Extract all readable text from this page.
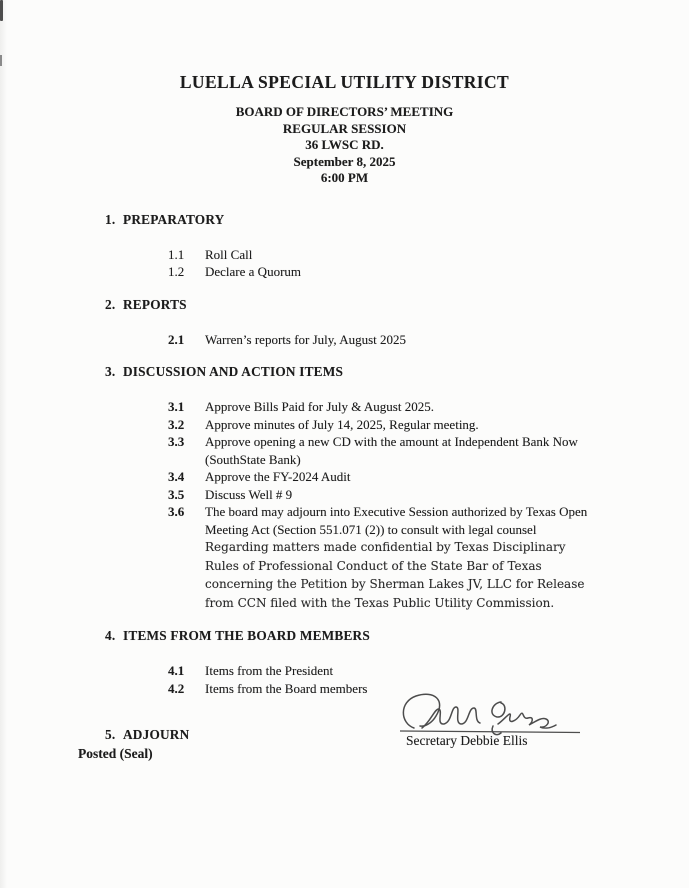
LUELLA SPECIAL UTILITY DISTRICT
BOARD OF DIRECTORS’ MEETING
REGULAR SESSION
36 LWSC RD.
September 8, 2025
6:00 PM
1. PREPARATORY
1.1	Roll Call
1.2	Declare a Quorum
2. REPORTS
2.1	Warren’s reports for July, August 2025
3. DISCUSSION AND ACTION ITEMS
3.1	Approve Bills Paid for July & August 2025.
3.2	Approve minutes of July 14, 2025, Regular meeting.
3.3	Approve opening a new CD with the amount at Independent Bank Now (SouthState Bank)
3.4	Approve the FY-2024 Audit
3.5	Discuss Well # 9
3.6	The board may adjourn into Executive Session authorized by Texas Open Meeting Act (Section 551.071 (2)) to consult with legal counsel Regarding matters made confidential by Texas Disciplinary Rules of Professional Conduct of the State Bar of Texas concerning the Petition by Sherman Lakes JV, LLC for Release from CCN filed with the Texas Public Utility Commission.
4. ITEMS FROM THE BOARD MEMBERS
4.1	Items from the President
4.2	Items from the Board members
5. ADJOURN	Secretary Debbie Ellis
Posted (Seal)
